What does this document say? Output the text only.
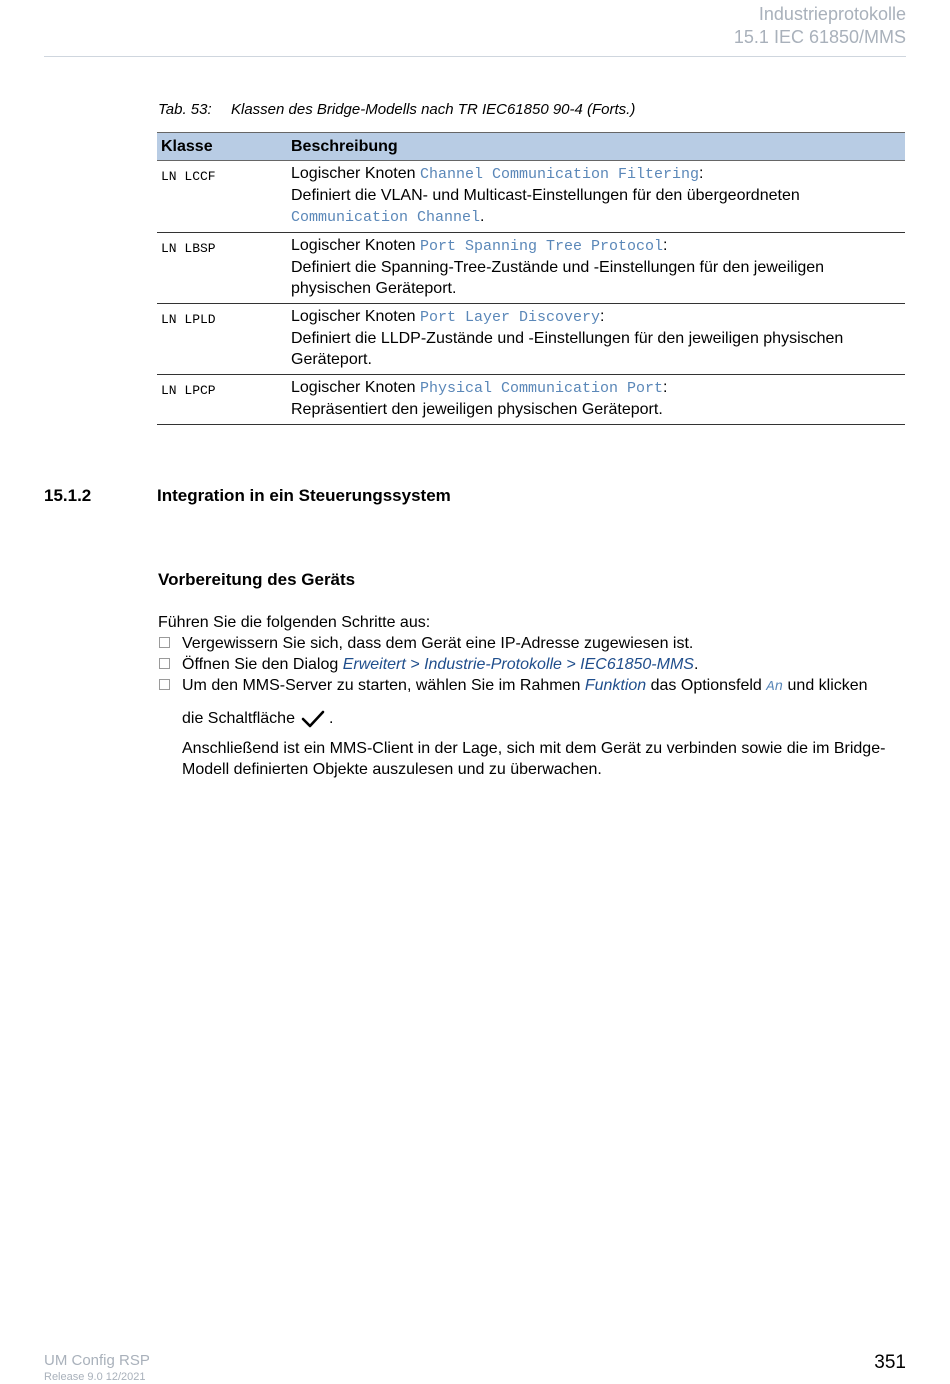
Industrieprotokolle
15.1 IEC 61850/MMS
Tab. 53: Klassen des Bridge-Modells nach TR IEC61850 90-4 (Forts.)
Klasse	Beschreibung
LN LCCF	Logischer Knoten Channel Communication Filtering:
Definiert die VLAN- und Multicast-Einstellungen für den übergeordneten Communication Channel.
LN LBSP	Logischer Knoten Port Spanning Tree Protocol:
Definiert die Spanning-Tree-Zustände und -Einstellungen für den jeweiligen physischen Geräteport.
LN LPLD	Logischer Knoten Port Layer Discovery:
Definiert die LLDP-Zustände und -Einstellungen für den jeweiligen physischen Geräteport.
LN LPCP	Logischer Knoten Physical Communication Port:
Repräsentiert den jeweiligen physischen Geräteport.
15.1.2	Integration in ein Steuerungssystem
Vorbereitung des Geräts
Führen Sie die folgenden Schritte aus:
Vergewissern Sie sich, dass dem Gerät eine IP-Adresse zugewiesen ist.
Öffnen Sie den Dialog Erweitert > Industrie-Protokolle > IEC61850-MMS.
Um den MMS-Server zu starten, wählen Sie im Rahmen Funktion das Optionsfeld An und klicken
die Schaltfläche .
Anschließend ist ein MMS-Client in der Lage, sich mit dem Gerät zu verbinden sowie die im Bridge-Modell definierten Objekte auszulesen und zu überwachen.
UM Config RSP
Release 9.0 12/2021
351
